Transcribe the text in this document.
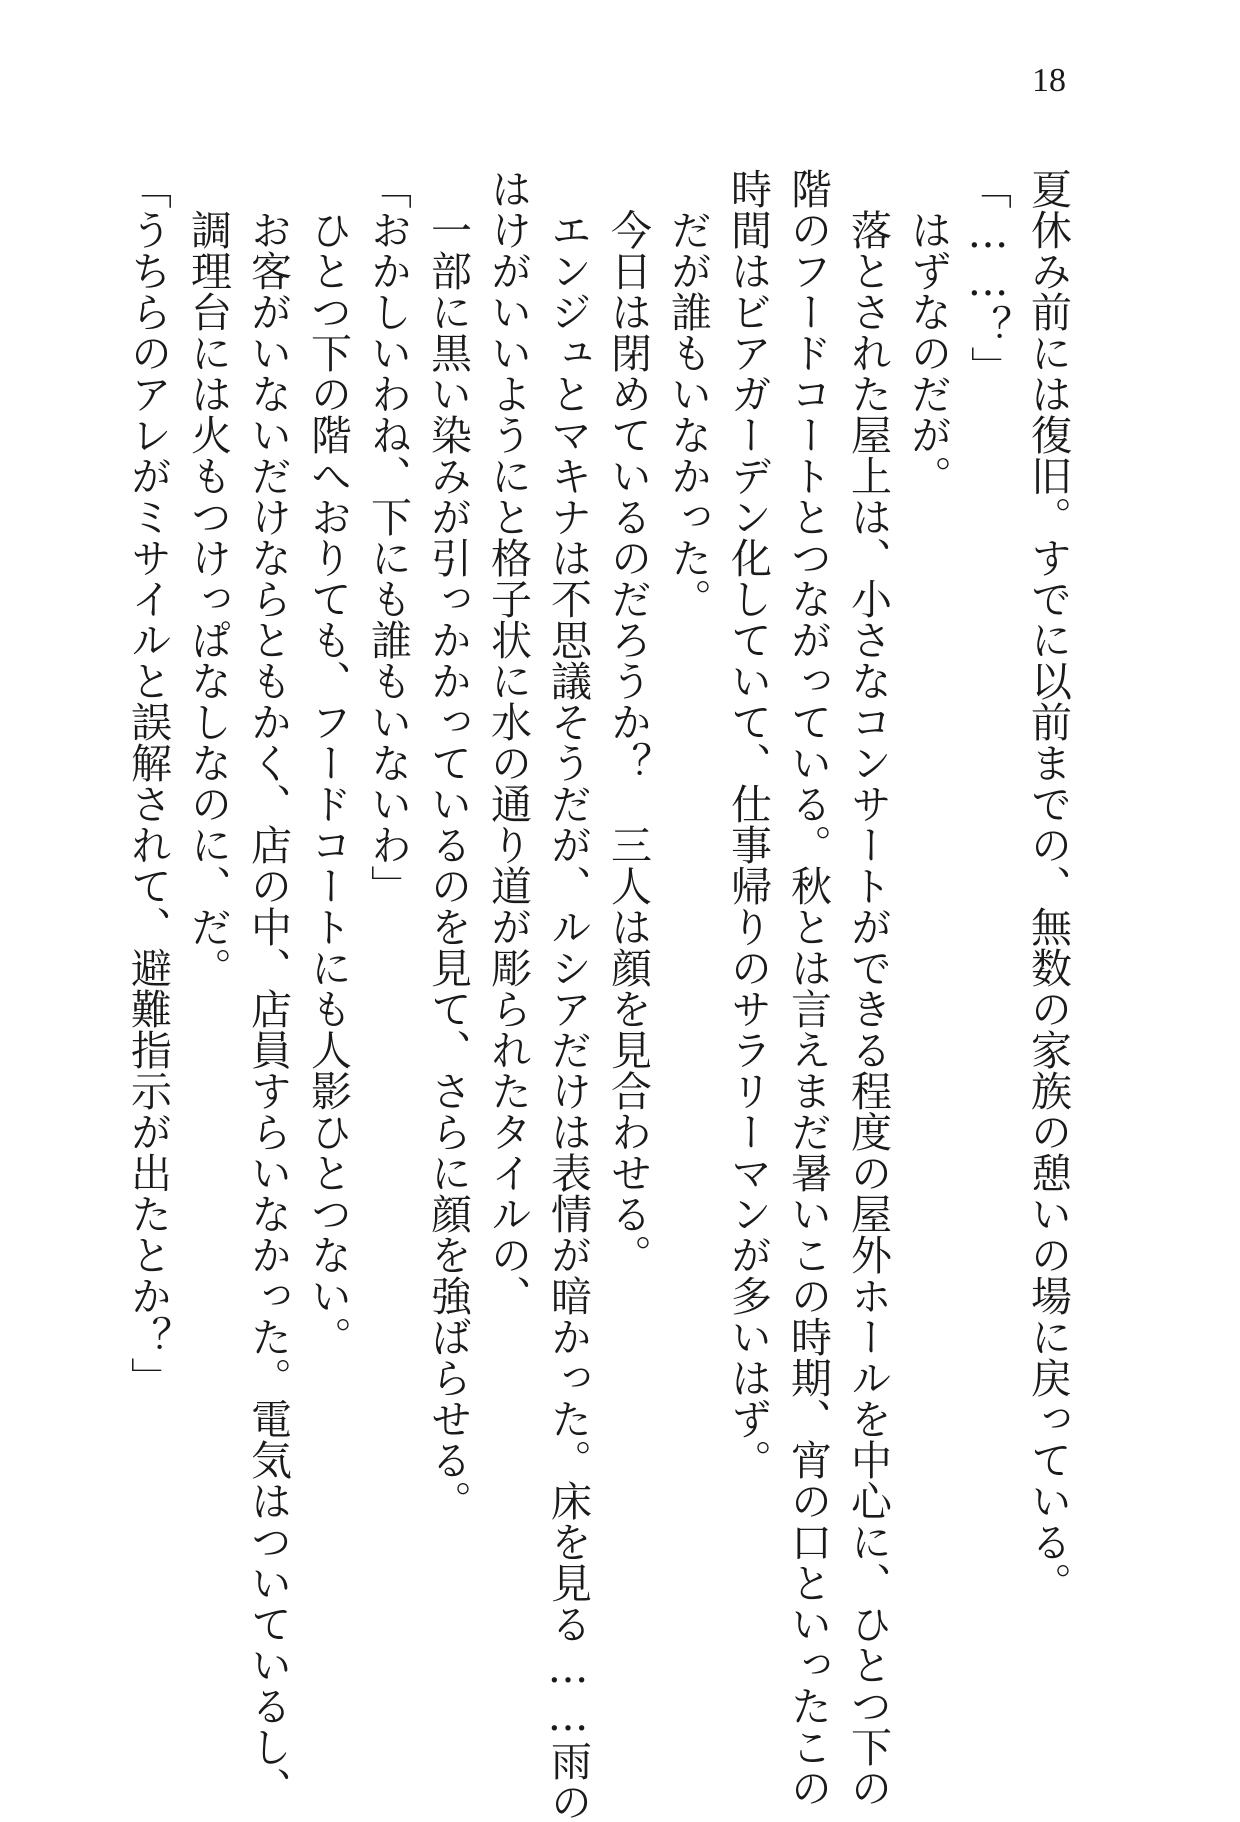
18

夏休み前には復旧。すでに以前までの、無数の家族の憩いの場に戻っている。

「……？」

　はずなのだが。

　落とされた屋上は、小さなコンサートができる程度の屋外ホールを中心に、ひとつ下の

階のフードコートとつながっている。秋とは言えまだ暑いこの時期、宵の口といったこの

時間はビアガーデン化していて、仕事帰りのサラリーマンが多いはず。

　だが誰もいなかった。

　今日は閉めているのだろうか？　三人は顔を見合わせる。

　エンジュとマキナは不思議そうだが、ルシアだけは表情が暗かった。床を見る……雨の

はけがいいようにと格子状に水の通り道が彫られたタイルの、

　一部に黒い染みが引っかかっているのを見て、さらに顔を強ばらせる。

「おかしいわね、下にも誰もいないわ」

　ひとつ下の階へおりても、フードコートにも人影ひとつない。

　お客がいないだけならともかく、店の中、店員すらいなかった。電気はついているし、

　調理台には火もつけっぱなしなのに、だ。

「うちらのアレがミサイルと誤解されて、避難指示が出たとか？」
